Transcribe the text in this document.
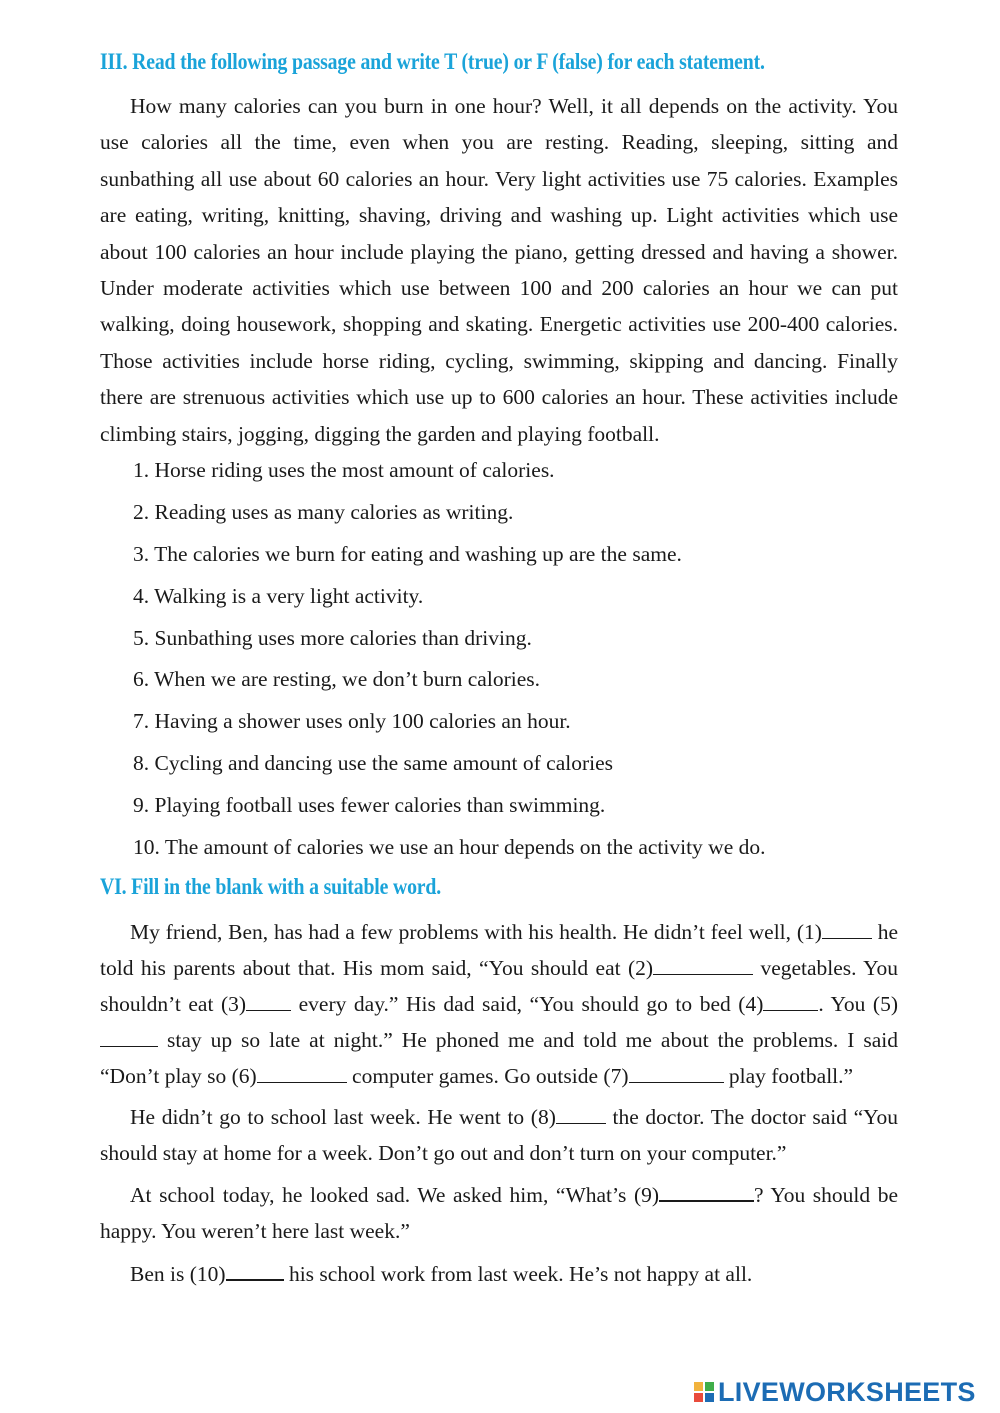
III. Read the following passage and write T (true) or F (false) for each statement.

How many calories can you burn in one hour? Well, it all depends on the activity. You use calories all the time, even when you are resting. Reading, sleeping, sitting and sunbathing all use about 60 calories an hour. Very light activities use 75 calories. Examples are eating, writing, knitting, shaving, driving and washing up. Light activities which use about 100 calories an hour include playing the piano, getting dressed and having a shower. Under moderate activities which use between 100 and 200 calories an hour we can put walking, doing housework, shopping and skating. Energetic activities use 200-400 calories. Those activities include horse riding, cycling, swimming, skipping and dancing. Finally there are strenuous activities which use up to 600 calories an hour. These activities include climbing stairs, jogging, digging the garden and playing football.

1. Horse riding uses the most amount of calories.
2. Reading uses as many calories as writing.
3. The calories we burn for eating and washing up are the same.
4. Walking is a very light activity.
5. Sunbathing uses more calories than driving.
6. When we are resting, we don’t burn calories.
7. Having a shower uses only 100 calories an hour.
8. Cycling and dancing use the same amount of calories
9. Playing football uses fewer calories than swimming.
10. The amount of calories we use an hour depends on the activity we do.
VI. Fill in the blank with a suitable word.

My friend, Ben, has had a few problems with his health. He didn’t feel well, (1)	he told his parents about that. His mom said, “You should eat (2)	vegetables. You shouldn’t eat (3) every day.” His dad said, “You should go to bed (4)	. You (5)  stay up so late at night.” He phoned me and told me about the problems. I said “Don’t play so (6)	computer games. Go outside (7)	play football.”

He didn’t go to school last week. He went to (8)	the doctor. The doctor said “You should stay at home for a week. Don’t go out and don’t turn on your computer.”

At school today, he looked sad. We asked him, “What’s (9)	? You should be happy. You weren’t here last week.”

Ben is (10)	his school work from last week. He’s not happy at all.

LIVEWORKSHEETS
